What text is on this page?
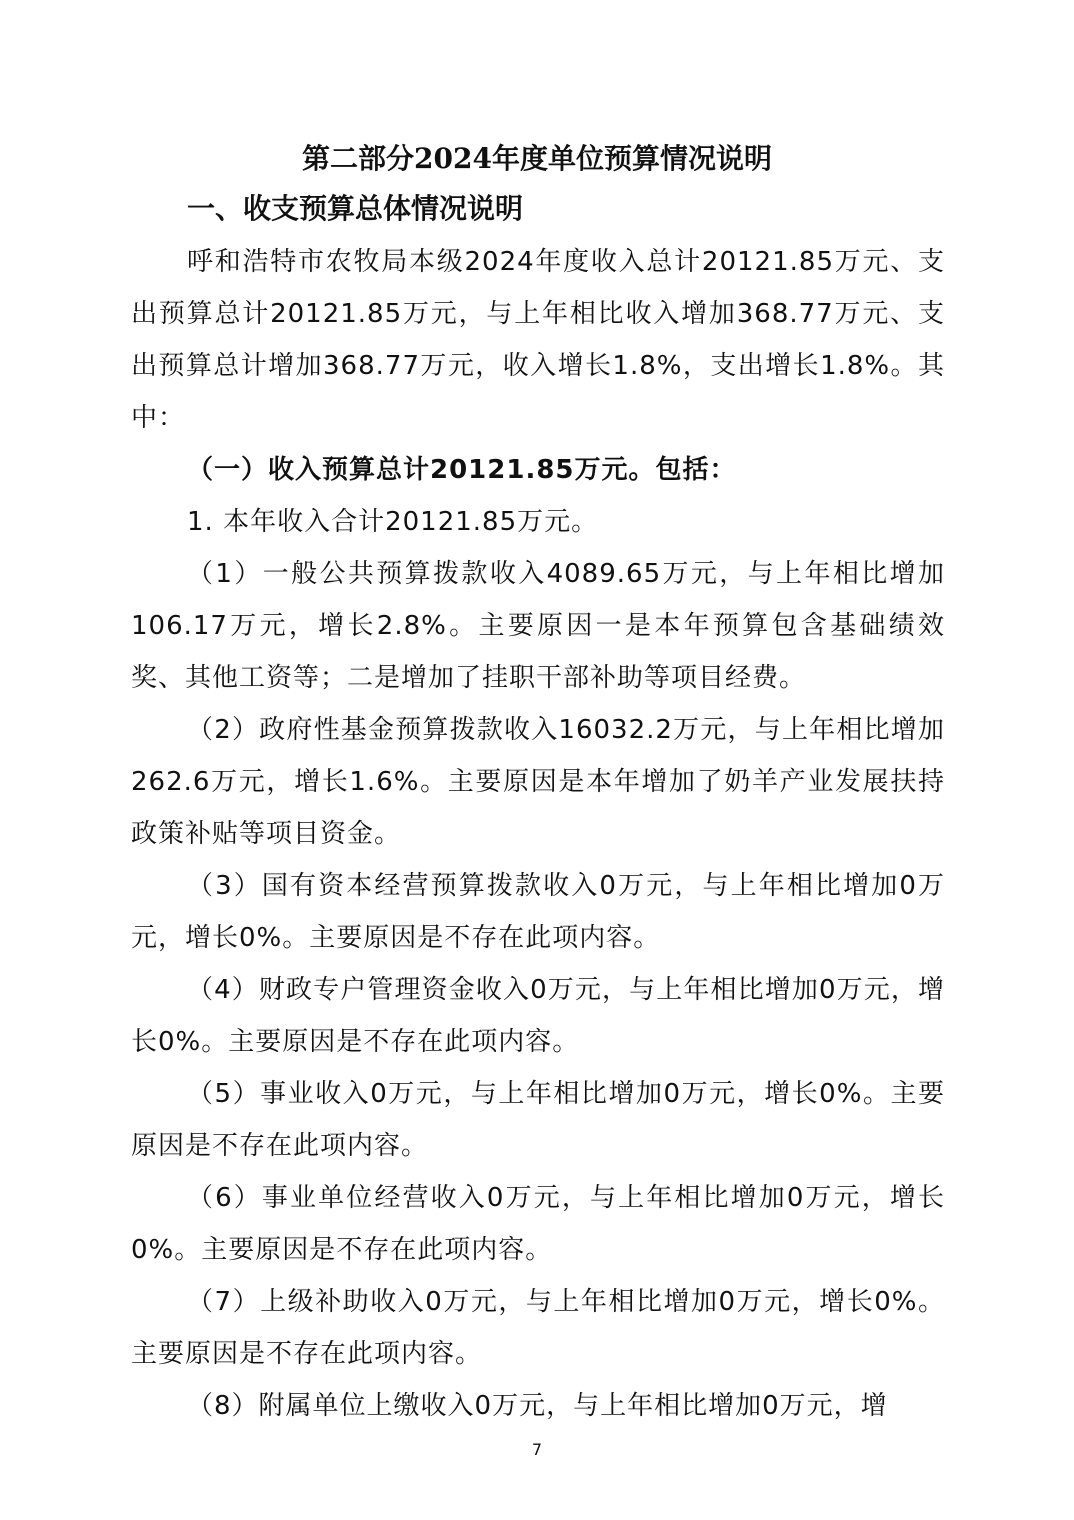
第二部分2024年度单位预算情况说明
一、收支预算总体情况说明

呼和浩特市农牧局本级2024年度收入总计20121.85万元、支出预算总计20121.85万元，与上年相比收入增加368.77万元、支出预算总计增加368.77万元，收入增长1.8%，支出增长1.8%。其中：

（一）收入预算总计20121.85万元。包括：

1. 本年收入合计20121.85万元。

（1）一般公共预算拨款收入4089.65万元，与上年相比增加106.17万元，增长2.8%。主要原因一是本年预算包含基础绩效奖、其他工资等；二是增加了挂职干部补助等项目经费。

（2）政府性基金预算拨款收入16032.2万元，与上年相比增加262.6万元，增长1.6%。主要原因是本年增加了奶羊产业发展扶持政策补贴等项目资金。

（3）国有资本经营预算拨款收入0万元，与上年相比增加0万元，增长0%。主要原因是不存在此项内容。

（4）财政专户管理资金收入0万元，与上年相比增加0万元，增长0%。主要原因是不存在此项内容。

（5）事业收入0万元，与上年相比增加0万元，增长0%。主要原因是不存在此项内容。

（6）事业单位经营收入0万元，与上年相比增加0万元，增长0%。主要原因是不存在此项内容。

（7）上级补助收入0万元，与上年相比增加0万元，增长0%。主要原因是不存在此项内容。

（8）附属单位上缴收入0万元，与上年相比增加0万元，增

7
